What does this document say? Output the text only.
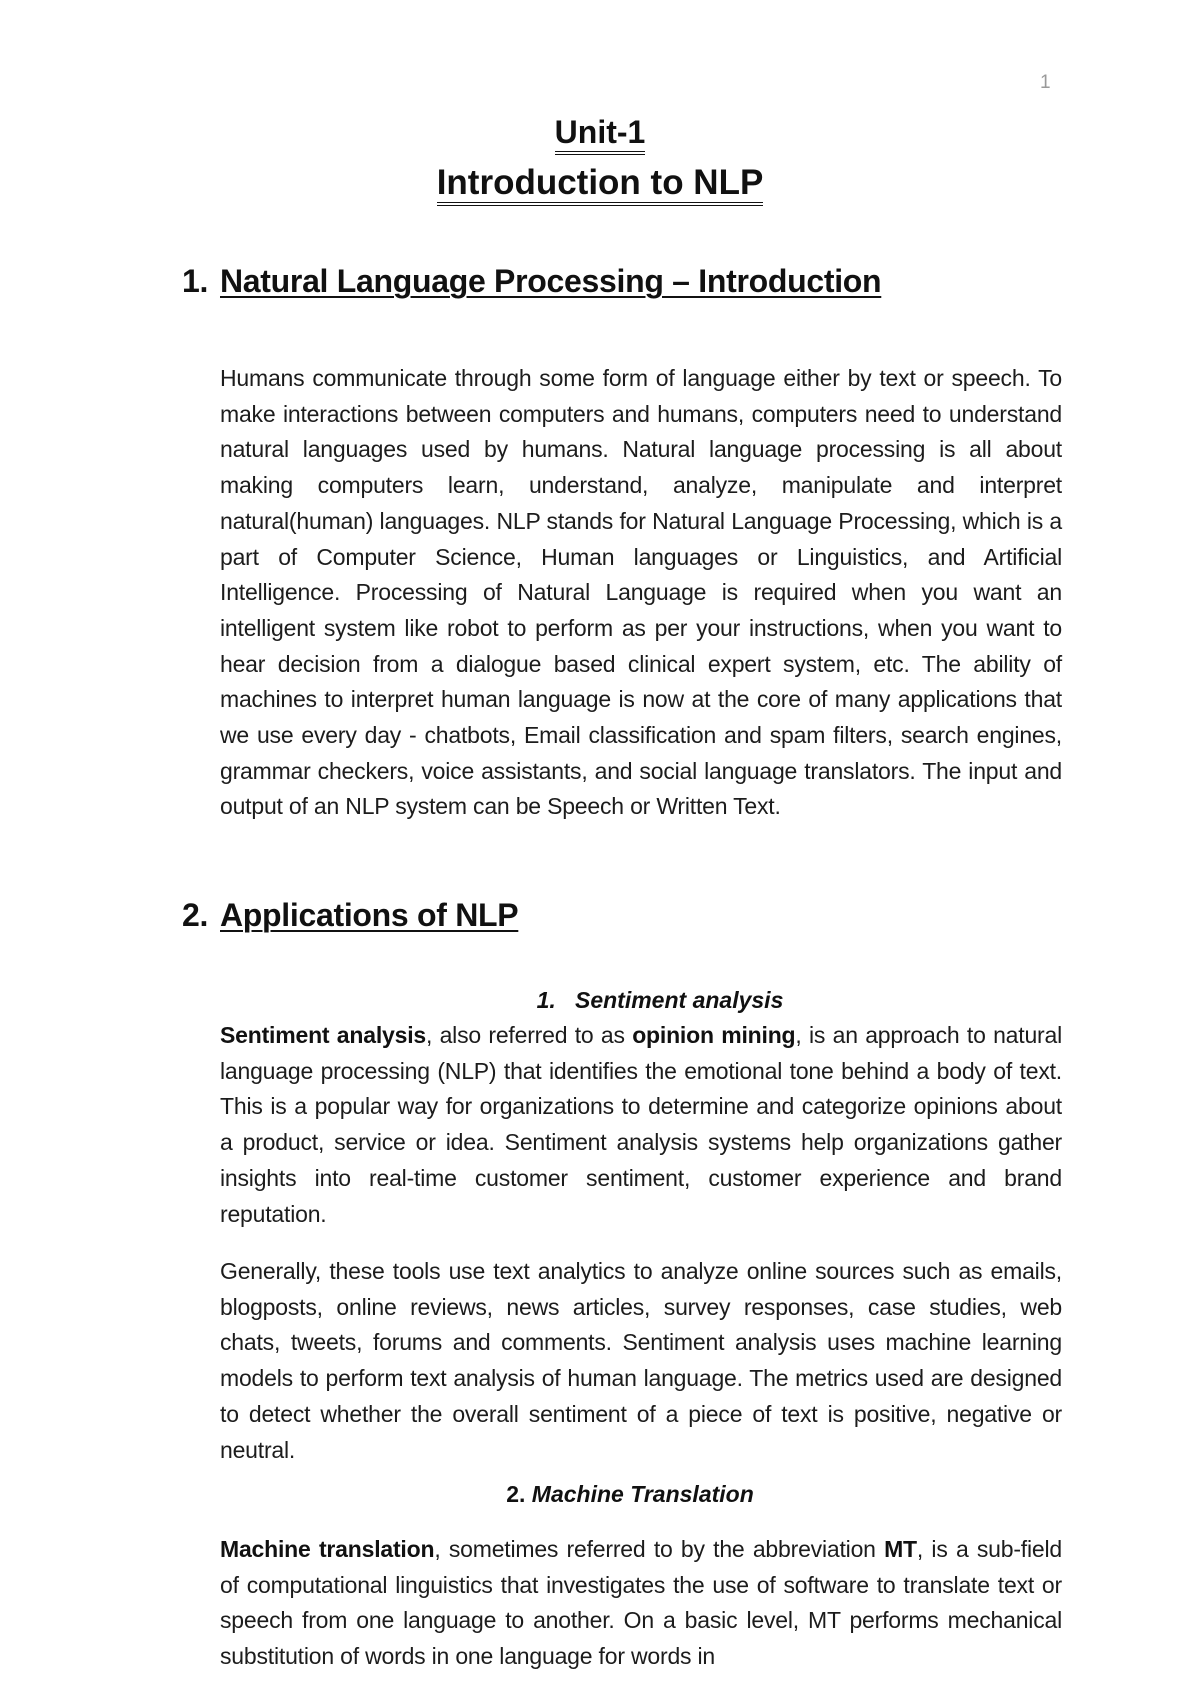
1
Unit-1
Introduction to NLP
1. Natural Language Processing – Introduction
Humans communicate through some form of language either by text or speech. To make interactions between computers and humans, computers need to understand natural languages used by humans. Natural language processing is all about making computers learn, understand, analyze, manipulate and interpret natural(human) languages. NLP stands for Natural Language Processing, which is a part of Computer Science, Human languages or Linguistics, and Artificial Intelligence. Processing of Natural Language is required when you want an intelligent system like robot to perform as per your instructions, when you want to hear decision from a dialogue based clinical expert system, etc. The ability of machines to interpret human language is now at the core of many applications that we use every day - chatbots, Email classification and spam filters, search engines, grammar checkers, voice assistants, and social language translators. The input and output of an NLP system can be Speech or Written Text.
2. Applications of NLP
1. Sentiment analysis
Sentiment analysis, also referred to as opinion mining, is an approach to natural language processing (NLP) that identifies the emotional tone behind a body of text. This is a popular way for organizations to determine and categorize opinions about a product, service or idea. Sentiment analysis systems help organizations gather insights into real-time customer sentiment, customer experience and brand reputation.
Generally, these tools use text analytics to analyze online sources such as emails, blogposts, online reviews, news articles, survey responses, case studies, web chats, tweets, forums and comments. Sentiment analysis uses machine learning models to perform text analysis of human language. The metrics used are designed to detect whether the overall sentiment of a piece of text is positive, negative or neutral.
2. Machine Translation
Machine translation, sometimes referred to by the abbreviation MT, is a sub-field of computational linguistics that investigates the use of software to translate text or speech from one language to another. On a basic level, MT performs mechanical substitution of words in one language for words in
